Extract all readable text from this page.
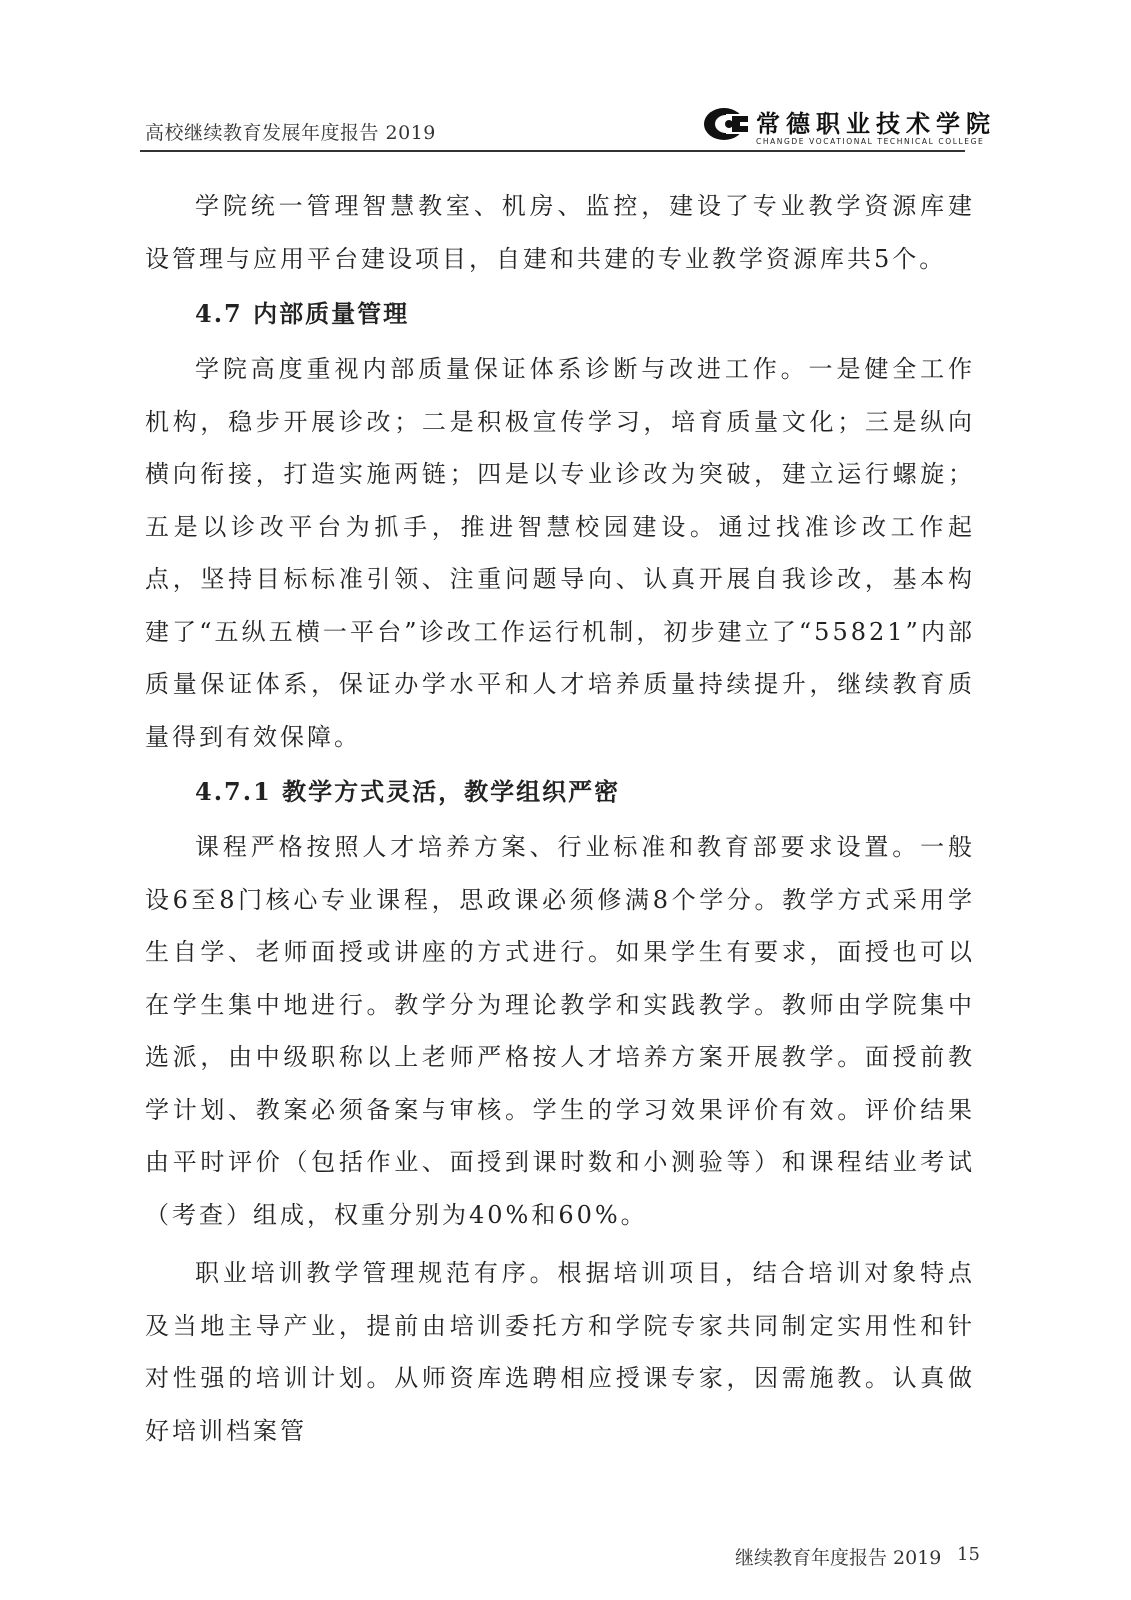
高校继续教育发展年度报告 2019	常德职业技术学院
CHANGDE VOCATIONAL TECHNICAL COLLEGE

学院统一管理智慧教室、机房、监控，建设了专业教学资源库建设管理与应用平台建设项目，自建和共建的专业教学资源库共5个。

4.7 内部质量管理

学院高度重视内部质量保证体系诊断与改进工作。一是健全工作机构，稳步开展诊改；二是积极宣传学习，培育质量文化；三是纵向横向衔接，打造实施两链；四是以专业诊改为突破，建立运行螺旋；五是以诊改平台为抓手，推进智慧校园建设。通过找准诊改工作起点，坚持目标标准引领、注重问题导向、认真开展自我诊改，基本构建了“五纵五横一平台”诊改工作运行机制，初步建立了“55821”内部质量保证体系，保证办学水平和人才培养质量持续提升，继续教育质量得到有效保障。

4.7.1 教学方式灵活，教学组织严密

课程严格按照人才培养方案、行业标准和教育部要求设置。一般设6至8门核心专业课程，思政课必须修满8个学分。教学方式采用学生自学、老师面授或讲座的方式进行。如果学生有要求，面授也可以在学生集中地进行。教学分为理论教学和实践教学。教师由学院集中选派，由中级职称以上老师严格按人才培养方案开展教学。面授前教学计划、教案必须备案与审核。学生的学习效果评价有效。评价结果由平时评价（包括作业、面授到课时数和小测验等）和课程结业考试（考查）组成，权重分别为40%和60%。

职业培训教学管理规范有序。根据培训项目，结合培训对象特点及当地主导产业，提前由培训委托方和学院专家共同制定实用性和针对性强的培训计划。从师资库选聘相应授课专家，因需施教。认真做好培训档案管

继续教育年度报告 2019 15
